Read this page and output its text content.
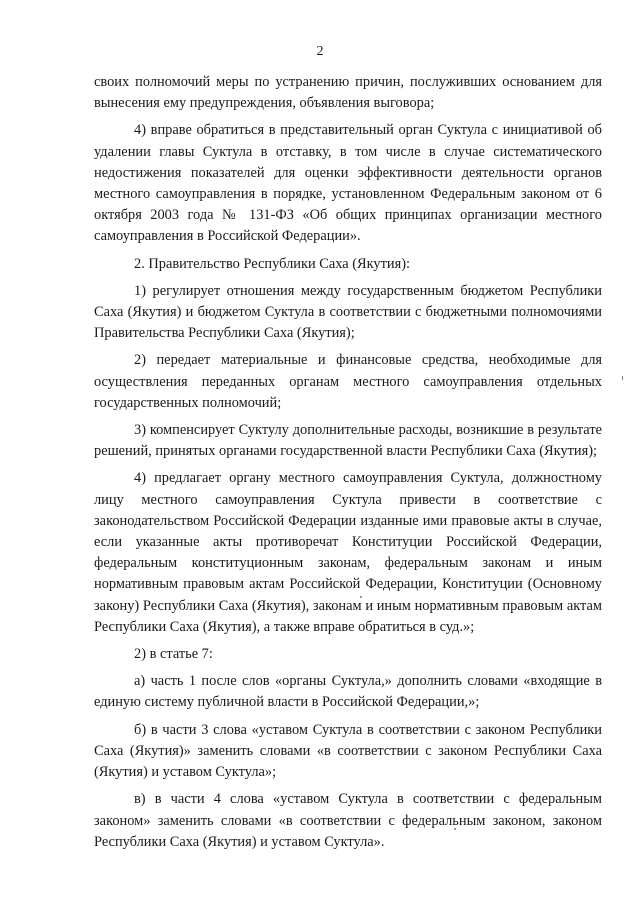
2

своих полномочий меры по устранению причин, послуживших основанием для вынесения ему предупреждения, объявления выговора;

4) вправе обратиться в представительный орган Суктула с инициативой об удалении главы Суктула в отставку, в том числе в случае систематического недостижения показателей для оценки эффективности деятельности органов местного самоуправления в порядке, установленном Федеральным законом от 6 октября 2003 года № 131-ФЗ «Об общих принципах организации местного самоуправления в Российской Федерации».

2. Правительство Республики Саха (Якутия):

1) регулирует отношения между государственным бюджетом Республики Саха (Якутия) и бюджетом Суктула в соответствии с бюджетными полномочиями Правительства Республики Саха (Якутия);

2) передает материальные и финансовые средства, необходимые для осуществления переданных органам местного самоуправления отдельных государственных полномочий;

3) компенсирует Суктулу дополнительные расходы, возникшие в результате решений, принятых органами государственной власти Республики Саха (Якутия);

4) предлагает органу местного самоуправления Суктула, должностному лицу местного самоуправления Суктула привести в соответствие с законодательством Российской Федерации изданные ими правовые акты в случае, если указанные акты противоречат Конституции Российской Федерации, федеральным конституционным законам, федеральным законам и иным нормативным правовым актам Российской Федерации, Конституции (Основному закону) Республики Саха (Якутия), законам и иным нормативным правовым актам Республики Саха (Якутия), а также вправе обратиться в суд.»;

2) в статье 7:

а) часть 1 после слов «органы Суктула,» дополнить словами «входящие в единую систему публичной власти в Российской Федерации,»;

б) в части 3 слова «уставом Суктула в соответствии с законом Республики Саха (Якутия)» заменить словами «в соответствии с законом Республики Саха (Якутия) и уставом Суктула»;

в) в части 4 слова «уставом Суктула в соответствии с федеральным законом» заменить словами «в соответствии с федеральным законом, законом Республики Саха (Якутия) и уставом Суктула».
